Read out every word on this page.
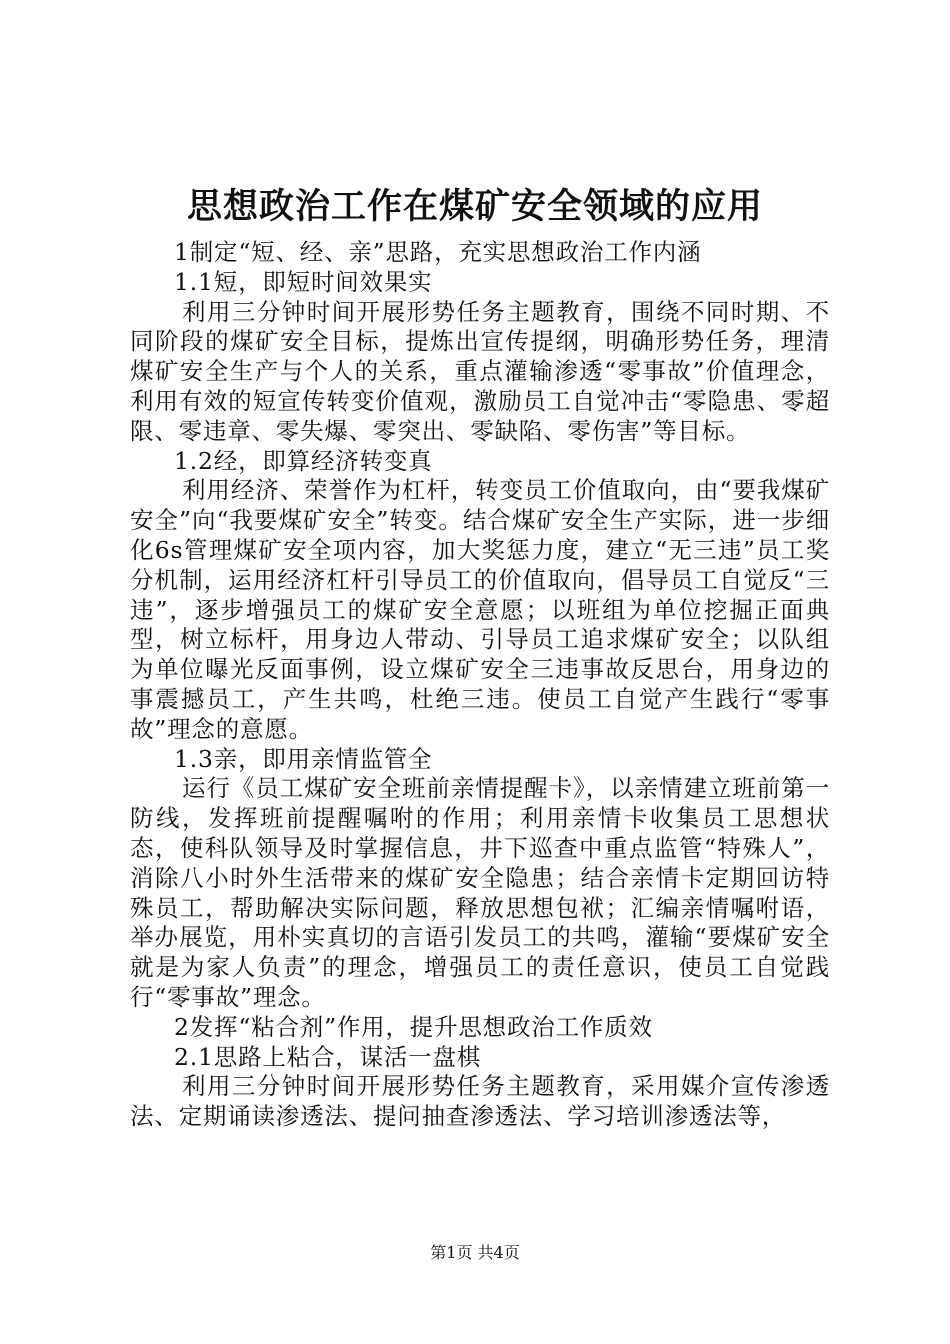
思想政治工作在煤矿安全领域的应用

1制定“短、经、亲”思路，充实思想政治工作内涵

1.1短，即短时间效果实

利用三分钟时间开展形势任务主题教育，围绕不同时期、不同阶段的煤矿安全目标，提炼出宣传提纲，明确形势任务，理清煤矿安全生产与个人的关系，重点灌输渗透“零事故”价值理念，利用有效的短宣传转变价值观，激励员工自觉冲击“零隐患、零超限、零违章、零失爆、零突出、零缺陷、零伤害”等目标。

1.2经，即算经济转变真

利用经济、荣誉作为杠杆，转变员工价值取向，由“要我煤矿安全”向“我要煤矿安全”转变。结合煤矿安全生产实际，进一步细化6s管理煤矿安全项内容，加大奖惩力度，建立“无三违”员工奖分机制，运用经济杠杆引导员工的价值取向，倡导员工自觉反“三违”，逐步增强员工的煤矿安全意愿；以班组为单位挖掘正面典型，树立标杆，用身边人带动、引导员工追求煤矿安全；以队组为单位曝光反面事例，设立煤矿安全三违事故反思台，用身边的事震撼员工，产生共鸣，杜绝三违。使员工自觉产生践行“零事故”理念的意愿。

1.3亲，即用亲情监管全

运行《员工煤矿安全班前亲情提醒卡》，以亲情建立班前第一防线，发挥班前提醒嘱咐的作用；利用亲情卡收集员工思想状态，使科队领导及时掌握信息，井下巡查中重点监管“特殊人”，消除八小时外生活带来的煤矿安全隐患；结合亲情卡定期回访特殊员工，帮助解决实际问题，释放思想包袱；汇编亲情嘱咐语，举办展览，用朴实真切的言语引发员工的共鸣，灌输“要煤矿安全就是为家人负责”的理念，增强员工的责任意识，使员工自觉践行“零事故”理念。

2发挥“粘合剂”作用，提升思想政治工作质效

2.1思路上粘合，谋活一盘棋

利用三分钟时间开展形势任务主题教育，采用媒介宣传渗透法、定期诵读渗透法、提问抽查渗透法、学习培训渗透法等，

第1页 共4页
